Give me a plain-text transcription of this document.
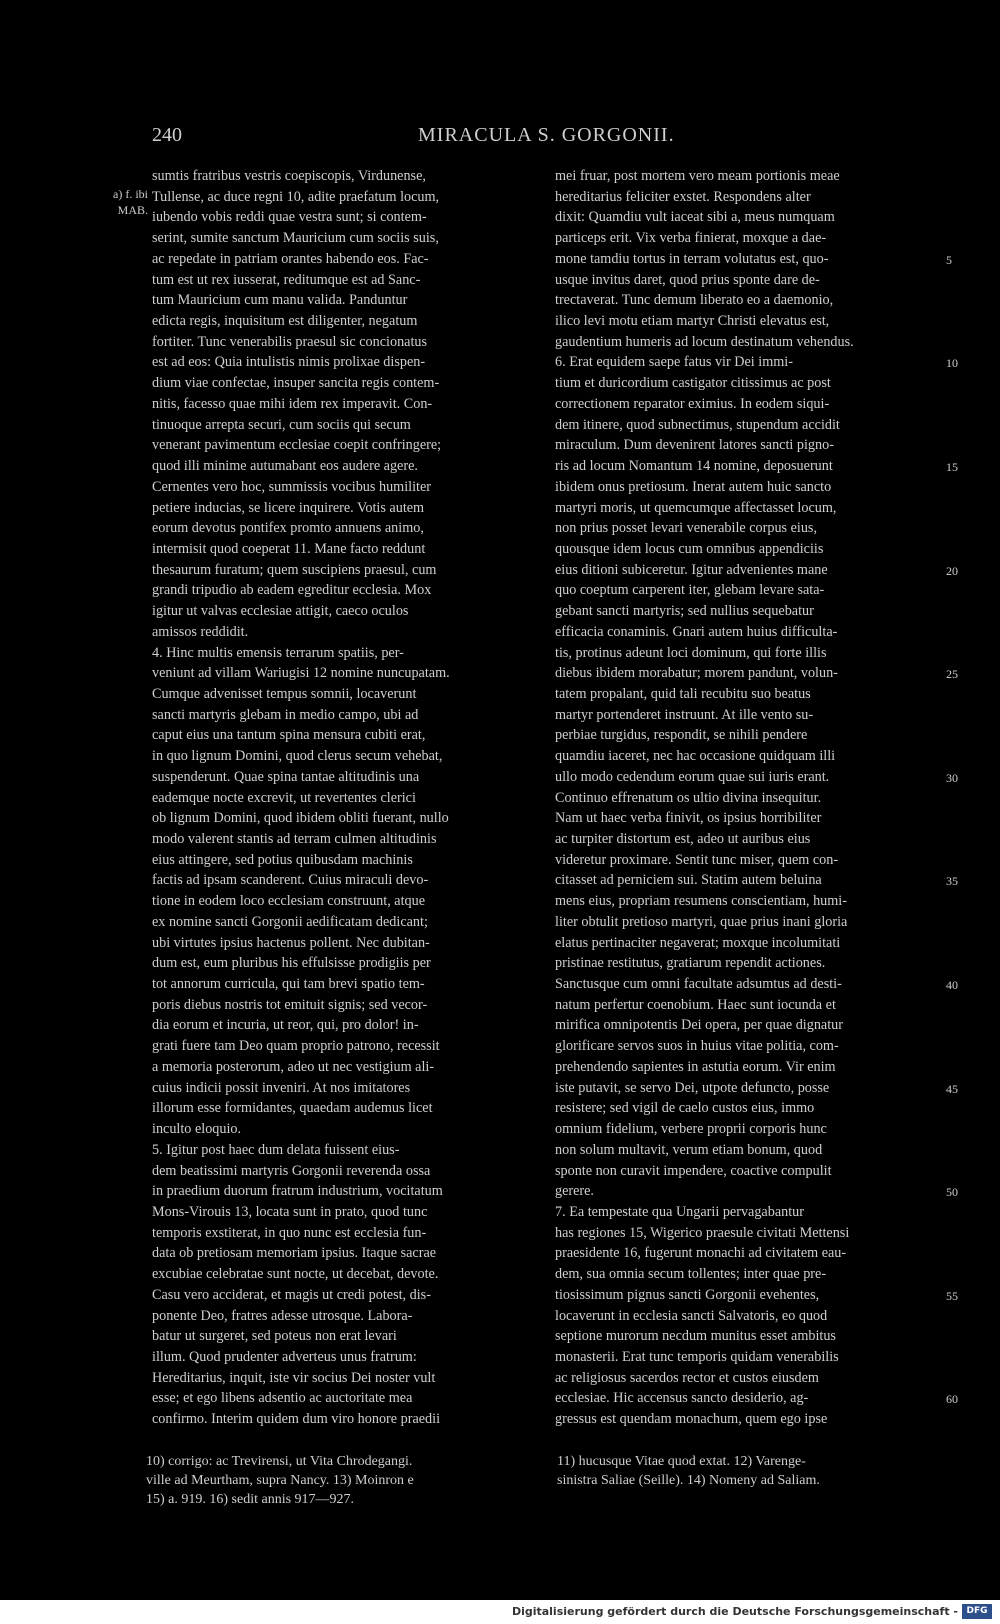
240	MIRACULA S. GORGONII.
a) f. ibi MAB.
sumtis fratribus vestris coepiscopis, Virdunense,
Tullense, ac duce regni 10, adite praefatum locum,
iubendo vobis reddi quae vestra sunt; si contem-
serint, sumite sanctum Mauricium cum sociis suis,
ac repedate in patriam orantes habendo eos. Fac-
tum est ut rex iusserat, reditumque est ad Sanc-
tum Mauricium cum manu valida. Panduntur
edicta regis, inquisitum est diligenter, negatum
fortiter. Tunc venerabilis praesul sic concionatus
est ad eos: Quia intulistis nimis prolixae dispen-
dium viae confectae, insuper sancita regis contem-
nitis, facesso quae mihi idem rex imperavit. Con-
tinuoque arrepta securi, cum sociis qui secum
venerant pavimentum ecclesiae coepit confringere;
quod illi minime autumabant eos audere agere.
Cernentes vero hoc, summissis vocibus humiliter
petiere inducias, se licere inquirere. Votis autem
eorum devotus pontifex promto annuens animo,
intermisit quod coeperat 11. Mane facto reddunt
thesaurum furatum; quem suscipiens praesul, cum
grandi tripudio ab eadem egreditur ecclesia. Mox
igitur ut valvas ecclesiae attigit, caeco oculos
amissos reddidit.
4. Hinc multis emensis terrarum spatiis, per-
veniunt ad villam Wariugisi 12 nomine nuncupatam.
Cumque advenisset tempus somnii, locaverunt
sancti martyris glebam in medio campo, ubi ad
caput eius una tantum spina mensura cubiti erat,
in quo lignum Domini, quod clerus secum vehebat,
suspenderunt. Quae spina tantae altitudinis una
eademque nocte excrevit, ut revertentes clerici
ob lignum Domini, quod ibidem obliti fuerant, nullo
modo valerent stantis ad terram culmen altitudinis
eius attingere, sed potius quibusdam machinis
factis ad ipsam scanderent. Cuius miraculi devo-
tione in eodem loco ecclesiam construunt, atque
ex nomine sancti Gorgonii aedificatam dedicant;
ubi virtutes ipsius hactenus pollent. Nec dubitan-
dum est, eum pluribus his effulsisse prodigiis per
tot annorum curricula, qui tam brevi spatio tem-
poris diebus nostris tot emituit signis; sed vecor-
dia eorum et incuria, ut reor, qui, pro dolor! in-
grati fuere tam Deo quam proprio patrono, recessit
a memoria posterorum, adeo ut nec vestigium ali-
cuius indicii possit inveniri. At nos imitatores
illorum esse formidantes, quaedam audemus licet
inculto eloquio.
5. Igitur post haec dum delata fuissent eius-
dem beatissimi martyris Gorgonii reverenda ossa
in praedium duorum fratrum industrium, vocitatum
Mons-Virouis 13, locata sunt in prato, quod tunc
temporis exstiterat, in quo nunc est ecclesia fun-
data ob pretiosam memoriam ipsius. Itaque sacrae
excubiae celebratae sunt nocte, ut decebat, devote.
Casu vero acciderat, et magis ut credi potest, dis-
ponente Deo, fratres adesse utrosque. Labora-
batur ut surgeret, sed poteus non erat levari
illum. Quod prudenter adverteus unus fratrum:
Hereditarius, inquit, iste vir socius Dei noster vult
esse; et ego libens adsentio ac auctoritate mea
confirmo. Interim quidem dum viro honore praedii
mei fruar, post mortem vero meam portionis meae
hereditarius feliciter exstet. Respondens alter
dixit: Quamdiu vult iaceat sibi a, meus numquam
particeps erit. Vix verba finierat, moxque a dae-
mone tamdiu tortus in terram volutatus est, quo-
usque invitus daret, quod prius sponte dare de-
trectaverat. Tunc demum liberato eo a daemonio,
ilico levi motu etiam martyr Christi elevatus est,
gaudentium humeris ad locum destinatum vehendus.
6. Erat equidem saepe fatus vir Dei immi-
tium et duricordium castigator citissimus ac post
correctionem reparator eximius. In eodem siqui-
dem itinere, quod subnectimus, stupendum accidit
miraculum. Dum devenirent latores sancti pigno-
ris ad locum Nomantum 14 nomine, deposuerunt
ibidem onus pretiosum. Inerat autem huic sancto
martyri moris, ut quemcumque affectasset locum,
non prius posset levari venerabile corpus eius,
quousque idem locus cum omnibus appendiciis
eius ditioni subiceretur. Igitur advenientes mane
quo coeptum carperent iter, glebam levare sata-
gebant sancti martyris; sed nullius sequebatur
efficacia conaminis. Gnari autem huius difficulta-
tis, protinus adeunt loci dominum, qui forte illis
diebus ibidem morabatur; morem pandunt, volun-
tatem propalant, quid tali recubitu suo beatus
martyr portenderet instruunt. At ille vento su-
perbiae turgidus, respondit, se nihili pendere
quamdiu iaceret, nec hac occasione quidquam illi
ullo modo cedendum eorum quae sui iuris erant.
Continuo effrenatum os ultio divina insequitur.
Nam ut haec verba finivit, os ipsius horribiliter
ac turpiter distortum est, adeo ut auribus eius
videretur proximare. Sentit tunc miser, quem con-
citasset ad perniciem sui. Statim autem beluina
mens eius, propriam resumens conscientiam, humi-
liter obtulit pretioso martyri, quae prius inani gloria
elatus pertinaciter negaverat; moxque incolumitati
pristinae restitutus, gratiarum rependit actiones.
Sanctusque cum omni facultate adsumtus ad desti-
natum perfertur coenobium. Haec sunt iocunda et
mirifica omnipotentis Dei opera, per quae dignatur
glorificare servos suos in huius vitae politia, com-
prehendendo sapientes in astutia eorum. Vir enim
iste putavit, se servo Dei, utpote defuncto, posse
resistere; sed vigil de caelo custos eius, immo
omnium fidelium, verbere proprii corporis hunc
non solum multavit, verum etiam bonum, quod
sponte non curavit impendere, coactive compulit
gerere.
7. Ea tempestate qua Ungarii pervagabantur
has regiones 15, Wigerico praesule civitati Mettensi
praesidente 16, fugerunt monachi ad civitatem eau-
dem, sua omnia secum tollentes; inter quae pre-
tiosissimum pignus sancti Gorgonii evehentes,
locaverunt in ecclesia sancti Salvatoris, eo quod
septione murorum necdum munitus esset ambitus
monasterii. Erat tunc temporis quidam venerabilis
ac religiosus sacerdos rector et custos eiusdem
ecclesiae. Hic accensus sancto desiderio, ag-
gressus est quendam monachum, quem ego ipse
5
10
15
20
25
30
35
40
45
50
55
60
10) corrigo: ac Trevirensi, ut Vita Chrodegangi.
ville ad Meurtham, supra Nancy. 13) Moinron e
15) a. 919. 16) sedit annis 917—927.
11) hucusque Vitae quod extat. 12) Varenge-
sinistra Saliae (Seille). 14) Nomeny ad Saliam.
Digitalisierung gefördert durch die Deutsche Forschungsgemeinschaft - DFG
